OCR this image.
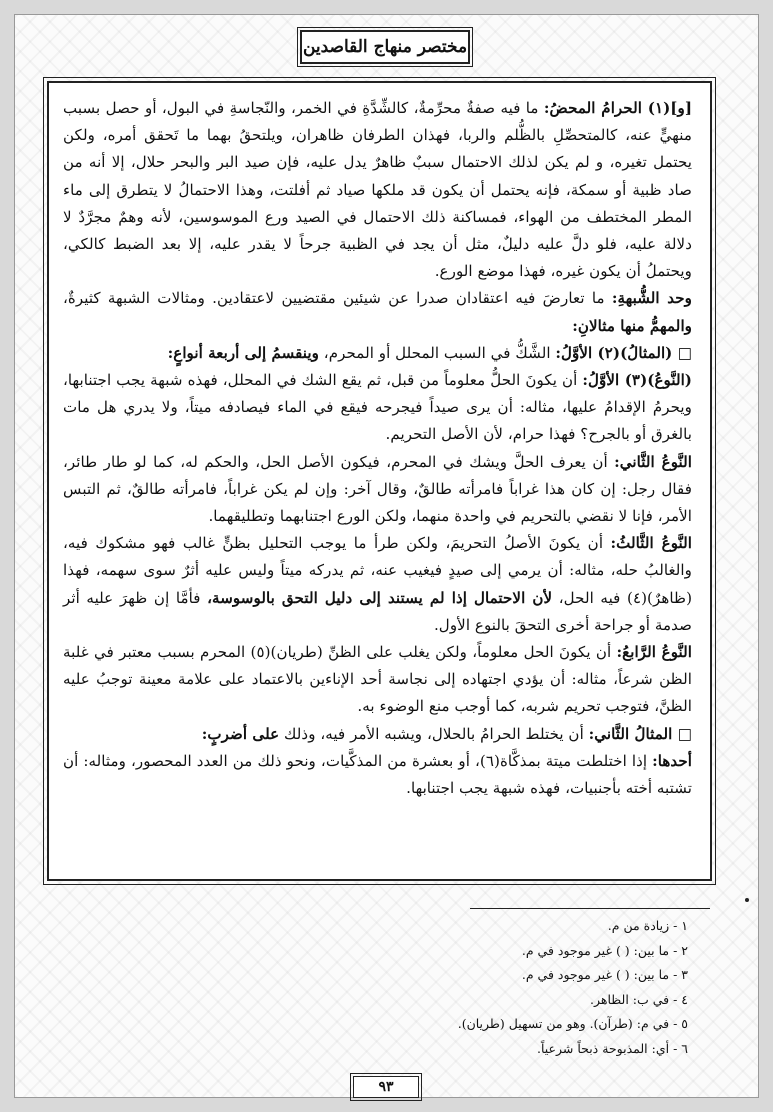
مختصر منهاج القاصدين

[و](١) الحرامُ المحضُ: ما فيه صفةٌ محرِّمةٌ، كالشِّدَّةِ في الخمر، والنّجاسةِ في البول، أو حصل بسبب منهيٍّ عنه، كالمتحصِّلِ بالظُّلم والربا، فهذان الطرفان ظاهران، ويلتحقُ بهما ما تَحقق أمره، ولكن يحتمل تغيره، و لم يكن لذلك الاحتمال سببٌ ظاهرٌ يدل عليه، فإن صيد البر والبحر حلال، إلا أنه من صاد ظبية أو سمكة، فإنه يحتمل أن يكون قد ملكها صياد ثم أفلتت، وهذا الاحتمالُ لا يتطرق إلى ماء المطر المختطف من الهواء، فمساكنة ذلك الاحتمال في الصيد ورع الموسوسين، لأنه وهمٌ مجرَّدٌ لا دلالة عليه، فلو دلَّ عليه دليلٌ، مثل أن يجد في الظبية جرحاً لا يقدر عليه، إلا بعد الضبط كالكي، ويحتملُ أن يكون غيره، فهذا موضع الورع.

وحد الشُّبهةِ: ما تعارضَ فيه اعتقادان صدرا عن شيئين مقتضيين لاعتقادين. ومثالات الشبهة كثيرةٌ، والمهمُّ منها مثالانِ:

□ (المثالُ)(٢) الأوَّلُ: الشَّكُّ في السبب المحلل أو المحرم، وينقسمُ إلى أربعة أنواعٍ:

(النَّوعُ)(٣) الأوَّلُ: أن يكونَ الحلُّ معلوماً من قبل، ثم يقع الشك في المحلل، فهذه شبهة يجب اجتنابها، ويحرمُ الإقدامُ عليها، مثاله: أن يرى صيداً فيجرحه فيقع في الماء فيصادفه ميتاً، ولا يدري هل مات بالغرق أو بالجرح؟ فهذا حرام، لأن الأصل التحريم.

النَّوعُ الثَّاني: أن يعرف الحلَّ ويشك في المحرم، فيكون الأصل الحل، والحكم له، كما لو طار طائر، فقال رجل: إن كان هذا غراباً فامرأته طالقٌ، وقال آخر: وإن لم يكن غراباً، فامرأته طالقٌ، ثم التبس الأمر، فإنا لا نقضي بالتحريم في واحدة منهما، ولكن الورع اجتنابهما وتطليقهما.

النَّوعُ الثَّالثُ: أن يكونَ الأصلُ التحريمَ، ولكن طرأ ما يوجب التحليل بظنٍّ غالب فهو مشكوك فيه، والغالبُ حله، مثاله: أن يرمي إلى صيدٍ فيغيب عنه، ثم يدركه ميتاً وليس عليه أثرٌ سوى سهمه، فهذا (ظاهرٌ)(٤) فيه الحل، لأن الاحتمال إذا لم يستند إلى دليل التحق بالوسوسة، فأمَّا إن ظهرَ عليه أثر صدمة أو جراحة أخرى التحقَ بالنوع الأول.

النَّوعُ الرَّابعُ: أن يكونَ الحل معلوماً، ولكن يغلب على الظنِّ (طريان)(٥) المحرم بسبب معتبر في غلبة الظن شرعاً، مثاله: أن يؤدي اجتهاده إلى نجاسة أحد الإناءين بالاعتماد على علامة معينة توجبُ عليه الظنَّ، فتوجب تحريم شربه، كما أوجب منع الوضوء به.

□ المثالُ الثَّاني: أن يختلط الحرامُ بالحلال، ويشبه الأمر فيه، وذلك على أضربٍ:

أحدها: إذا اختلطت ميتة بمذكَّاة(٦)، أو بعشرة من المذكَّيات، ونحو ذلك من العدد المحصور، ومثاله: أن تشتبه أخته بأجنبيات، فهذه شبهة يجب اجتنابها.

١ - زيادة من م.
٢ - ما بين: ( ) غير موجود في م.
٣ - ما بين: ( ) غير موجود في م.
٤ - في ب: الظاهر.
٥ - في م: (طرآن). وهو من تسهيل (طريان).
٦ - أي: المذبوحة ذبحاً شرعياً.
٩٣
